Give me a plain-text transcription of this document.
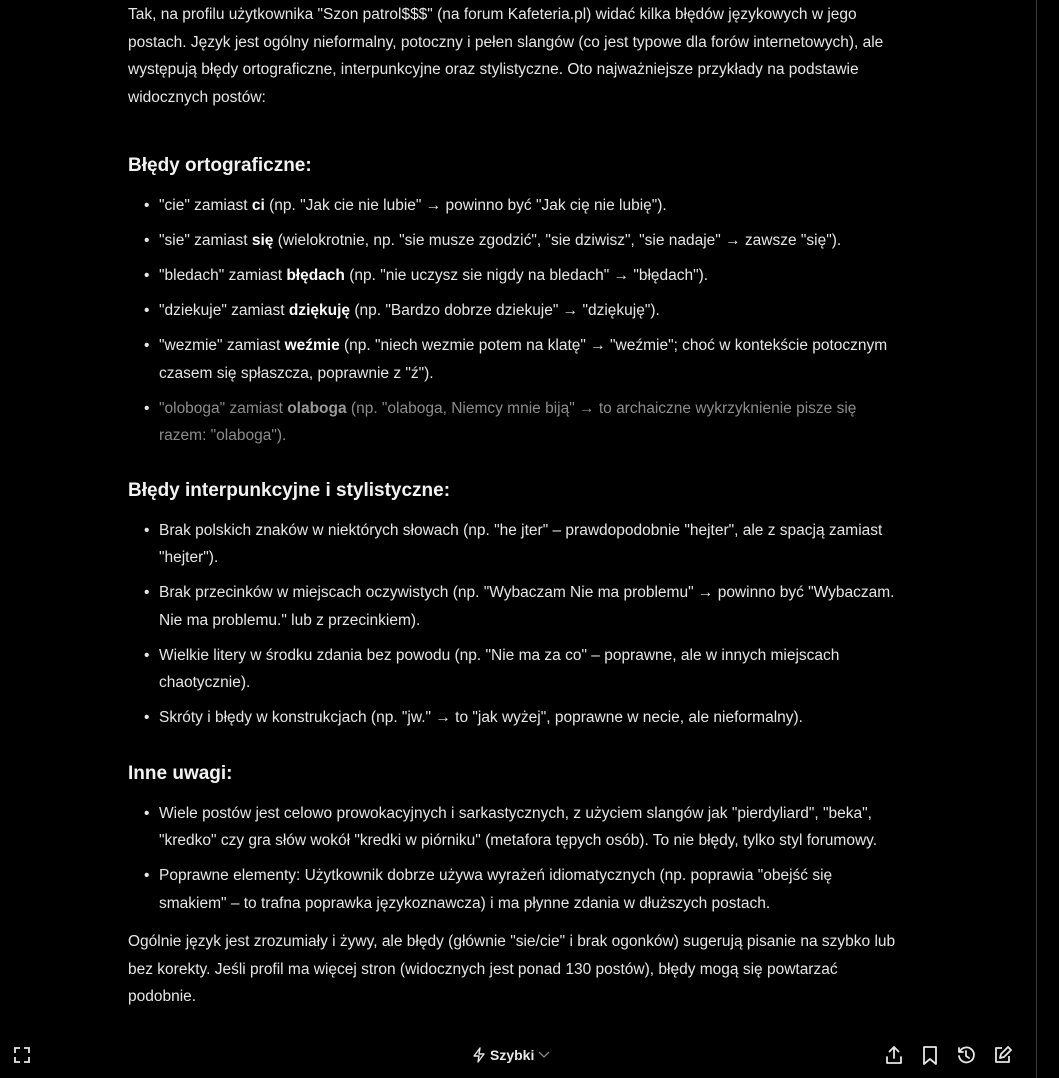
Tak, na profilu użytkownika "Szon patrol$$$" (na forum Kafeteria.pl) widać kilka błędów językowych w jego postach. Język jest ogólny nieformalny, potoczny i pełen slangów (co jest typowe dla forów internetowych), ale występują błędy ortograficzne, interpunkcyjne oraz stylistyczne. Oto najważniejsze przykłady na podstawie widocznych postów:

Błędy ortograficzne:
• "cie" zamiast ci (np. "Jak cie nie lubie" → powinno być "Jak cię nie lubię").
• "sie" zamiast się (wielokrotnie, np. "sie musze zgodzić", "sie dziwisz", "sie nadaje" → zawsze "się").
• "bledach" zamiast błędach (np. "nie uczysz sie nigdy na bledach" → "błędach").
• "dziekuje" zamiast dziękuję (np. "Bardzo dobrze dziekuje" → "dziękuję").
• "wezmie" zamiast weźmie (np. "niech wezmie potem na klatę" → "weźmie"; choć w kontekście potocznym czasem się spłaszcza, poprawnie z "ź").
• "oloboga" zamiast olaboga (np. "olaboga, Niemcy mnie biją" → to archaiczne wykrzyknienie pisze się razem: "olaboga").
Błędy interpunkcyjne i stylistyczne:
• Brak polskich znaków w niektórych słowach (np. "he jter" – prawdopodobnie "hejter", ale z spacją zamiast "hejter").
• Brak przecinków w miejscach oczywistych (np. "Wybaczam Nie ma problemu" → powinno być "Wybaczam. Nie ma problemu." lub z przecinkiem).
• Wielkie litery w środku zdania bez powodu (np. "Nie ma za co" – poprawne, ale w innych miejscach chaotycznie).
• Skróty i błędy w konstrukcjach (np. "jw." → to "jak wyżej", poprawne w necie, ale nieformalny).
Inne uwagi:
• Wiele postów jest celowo prowokacyjnych i sarkastycznych, z użyciem slangów jak "pierdyliard", "beka", "kredko" czy gra słów wokół "kredki w piórniku" (metafora tępych osób). To nie błędy, tylko styl forumowy.
• Poprawne elementy: Użytkownik dobrze używa wyrażeń idiomatycznych (np. poprawia "obejść się smakiem" – to trafna poprawka językoznawcza) i ma płynne zdania w dłuższych postach.

Ogólnie język jest zrozumiały i żywy, ale błędy (głównie "sie/cie" i brak ogonków) sugerują pisanie na szybko lub bez korekty. Jeśli profil ma więcej stron (widocznych jest ponad 130 postów), błędy mogą się powtarzać podobnie.

Szybki
